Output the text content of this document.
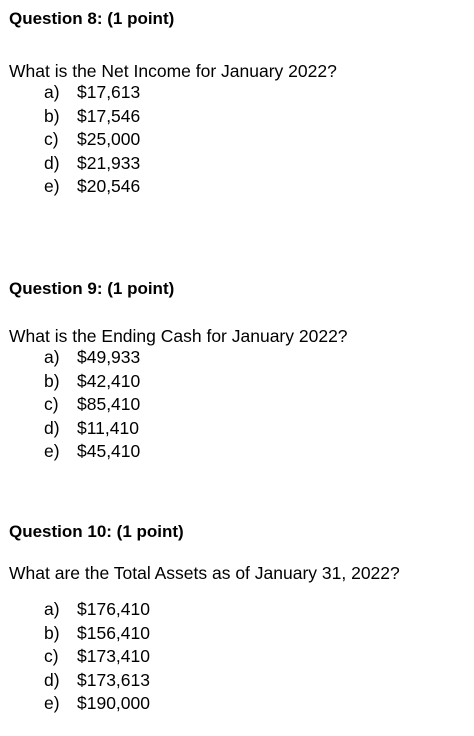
Question 8: (1 point)
What is the Net Income for January 2022?
a) $17,613
b) $17,546
c)	$25,000
d) $21,933
e) $20,546
Question 9: (1 point)
What is the Ending Cash for January 2022?
a) $49,933
b) $42,410
c)	$85,410
d) $11,410
e) $45,410
Question 10: (1 point)
What are the Total Assets as of January 31, 2022?
a) $176,410
b) $156,410
c)	$173,410
d) $173,613
e) $190,000
